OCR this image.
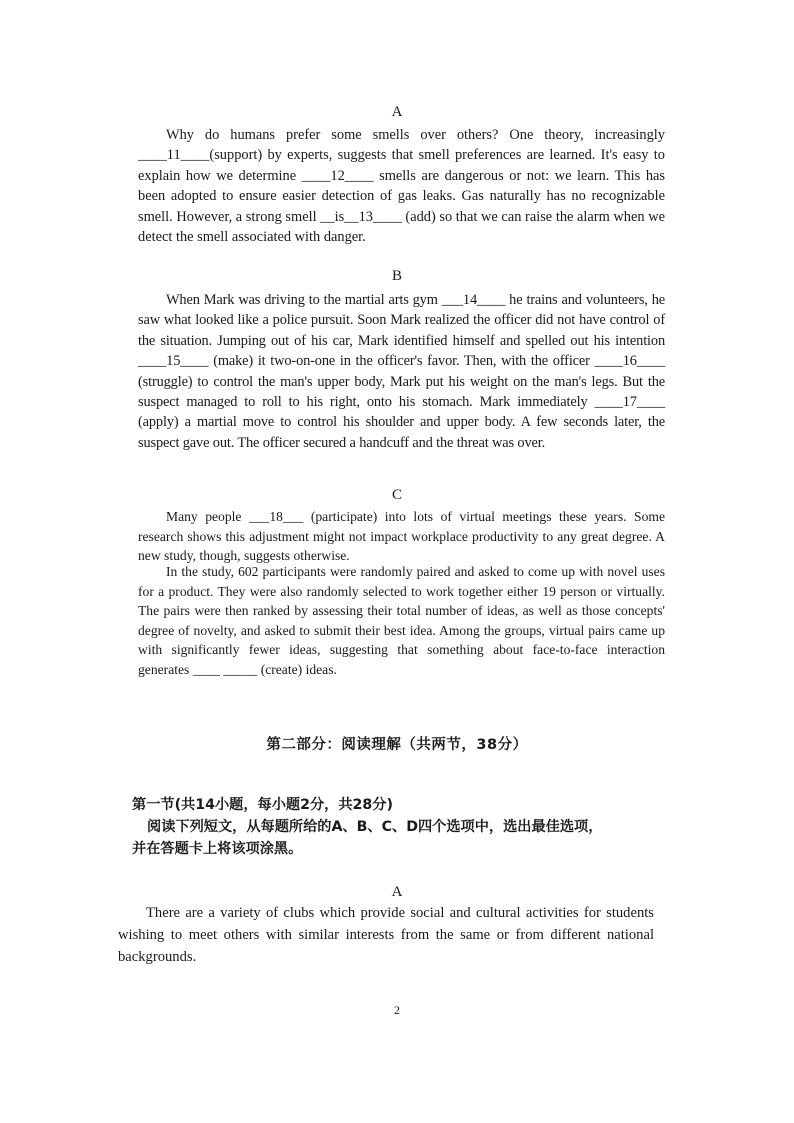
A
Why do humans prefer some smells over others? One theory, increasingly ____11____(support) by experts, suggests that smell preferences are learned. It's easy to explain how we determine ____12____ smells are dangerous or not: we learn. This has been adopted to ensure easier detection of gas leaks. Gas naturally has no recognizable smell. However, a strong smell __is__13____ (add) so that we can raise the alarm when we detect the smell associated with danger.
B
When Mark was driving to the martial arts gym ___14____ he trains and volunteers, he saw what looked like a police pursuit. Soon Mark realized the officer did not have control of the situation. Jumping out of his car, Mark identified himself and spelled out his intention ____15____ (make) it two-on-one in the officer's favor. Then, with the officer ____16____ (struggle) to control the man's upper body, Mark put his weight on the man's legs. But the suspect managed to roll to his right, onto his stomach. Mark immediately ____17____ (apply) a martial move to control his shoulder and upper body. A few seconds later, the suspect gave out. The officer secured a handcuff and the threat was over.
C
Many people ___18___ (participate) into lots of virtual meetings these years. Some research shows this adjustment might not impact workplace productivity to any great degree. A new study, though, suggests otherwise.
In the study, 602 participants were randomly paired and asked to come up with novel uses for a product. They were also randomly selected to work together either 19 person or virtually. The pairs were then ranked by assessing their total number of ideas, as well as those concepts' degree of novelty, and asked to submit their best idea. Among the groups, virtual pairs came up with significantly fewer ideas, suggesting that something about face-to-face interaction generates ____ _____ (create) ideas.
第二部分：阅读理解（共两节，38分）
第一节(共14小题，每小题2分，共28分)
阅读下列短文，从每题所给的A、B、C、D四个选项中，选出最佳选项，
并在答题卡上将该项涂黑。
A
There are a variety of clubs which provide social and cultural activities for students wishing to meet others with similar interests from the same or from different national backgrounds.
2
